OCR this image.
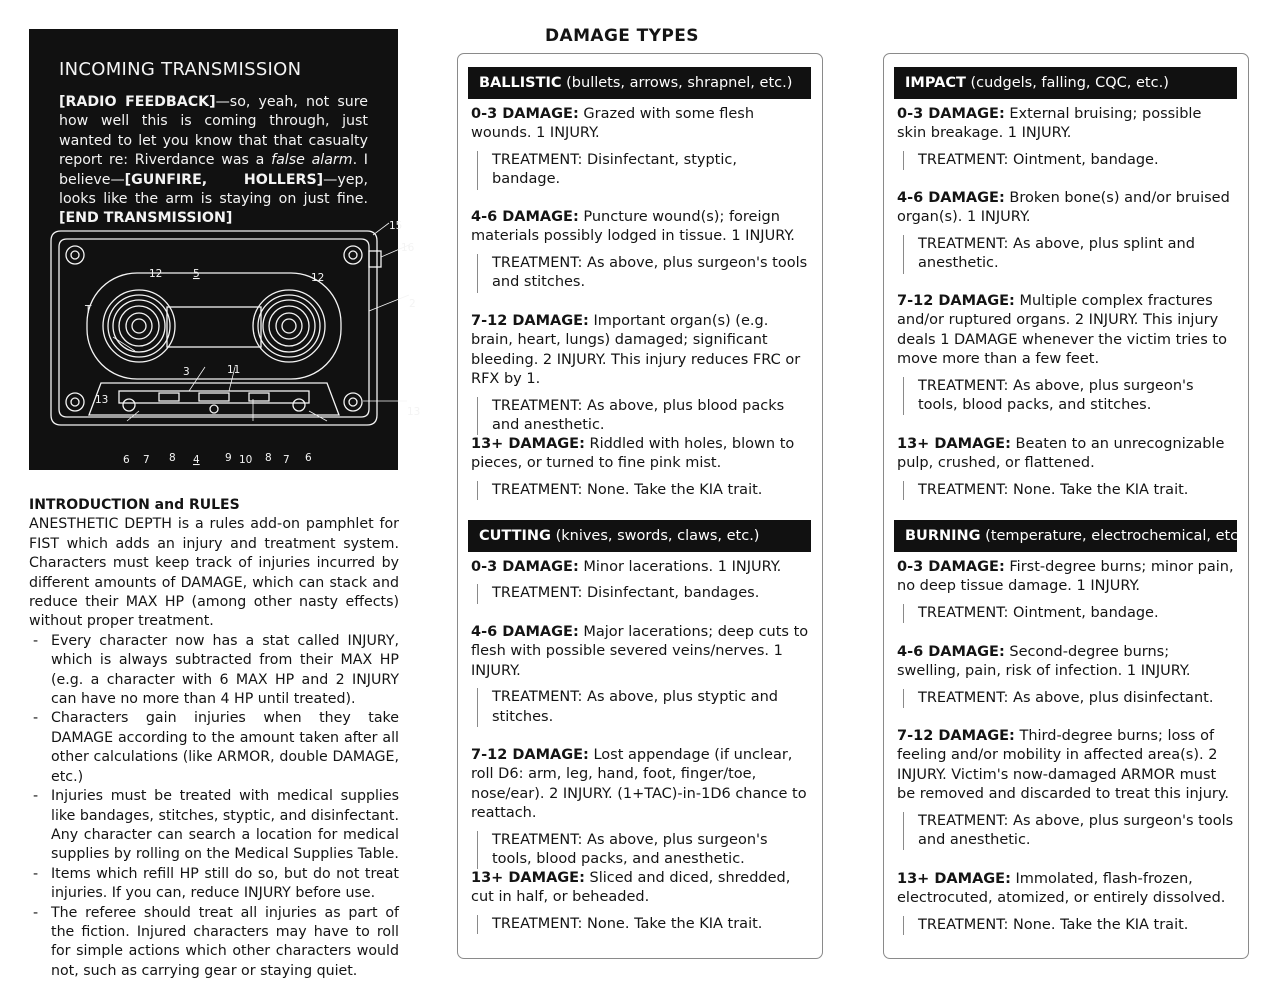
INCOMING TRANSMISSION
[RADIO FEEDBACK]—so, yeah, not sure how well this is coming through, just wanted to let you know that that casualty report re: Riverdance was a false alarm. I believe—[GUNFIRE, HOLLERS]—yep, looks like the arm is staying on just fine. [END TRANSMISSION]	15
16
12	5	12
T	2
3	11
13
13
6 7 8 4 9 10 8 7 6
INTRODUCTION and RULES

ANESTHETIC DEPTH is a rules add-on pamphlet for FIST which adds an injury and treatment system. Characters must keep track of injuries incurred by different amounts of DAMAGE, which can stack and reduce their MAX HP (among other nasty effects) without proper treatment.

- Every character now has a stat called INJURY, which is always subtracted from their MAX HP (e.g. a character with 6 MAX HP and 2 INJURY can have no more than 4 HP until treated).
- Characters gain injuries when they take DAMAGE according to the amount taken after all other calculations (like ARMOR, double DAMAGE, etc.)
- Injuries must be treated with medical supplies like bandages, stitches, styptic, and disinfectant. Any character can search a location for medical supplies by rolling on the Medical Supplies Table.
- Items which refill HP still do so, but do not treat injuries. If you can, reduce INJURY before use.
- The referee should treat all injuries as part of the fiction. Injured characters may have to roll for simple actions which other characters would not, such as carrying gear or staying quiet.
DAMAGE TYPES
BALLISTIC (bullets, arrows, shrapnel, etc.)
0-3 DAMAGE: Grazed with some flesh wounds. 1 INJURY.
TREATMENT: Disinfectant, styptic, bandage.
4-6 DAMAGE: Puncture wound(s); foreign materials possibly lodged in tissue. 1 INJURY.
TREATMENT: As above, plus surgeon's tools and stitches.
7-12 DAMAGE: Important organ(s) (e.g. brain, heart, lungs) damaged; significant bleeding. 2 INJURY. This injury reduces FRC or RFX by 1.
TREATMENT: As above, plus blood packs and anesthetic.
13+ DAMAGE: Riddled with holes, blown to pieces, or turned to fine pink mist.
TREATMENT: None. Take the KIA trait.
CUTTING (knives, swords, claws, etc.)
0-3 DAMAGE: Minor lacerations. 1 INJURY.
TREATMENT: Disinfectant, bandages.
4-6 DAMAGE: Major lacerations; deep cuts to flesh with possible severed veins/nerves. 1 INJURY.
TREATMENT: As above, plus styptic and stitches.
7-12 DAMAGE: Lost appendage (if unclear, roll D6: arm, leg, hand, foot, finger/toe, nose/ear). 2 INJURY. (1+TAC)-in-1D6 chance to reattach.
TREATMENT: As above, plus surgeon's tools, blood packs, and anesthetic.
13+ DAMAGE: Sliced and diced, shredded, cut in half, or beheaded.
TREATMENT: None. Take the KIA trait.
IMPACT (cudgels, falling, CQC, etc.)
0-3 DAMAGE: External bruising; possible skin breakage. 1 INJURY.
TREATMENT: Ointment, bandage.
4-6 DAMAGE: Broken bone(s) and/or bruised organ(s). 1 INJURY.
TREATMENT: As above, plus splint and anesthetic.
7-12 DAMAGE: Multiple complex fractures and/or ruptured organs. 2 INJURY. This injury deals 1 DAMAGE whenever the victim tries to move more than a few feet.
TREATMENT: As above, plus surgeon's tools, blood packs, and stitches.
13+ DAMAGE: Beaten to an unrecognizable pulp, crushed, or flattened.
TREATMENT: None. Take the KIA trait.
BURNING (temperature, electrochemical, etc.)
0-3 DAMAGE: First-degree burns; minor pain, no deep tissue damage. 1 INJURY.
TREATMENT: Ointment, bandage.
4-6 DAMAGE: Second-degree burns; swelling, pain, risk of infection. 1 INJURY.
TREATMENT: As above, plus disinfectant.
7-12 DAMAGE: Third-degree burns; loss of feeling and/or mobility in affected area(s). 2 INJURY. Victim's now-damaged ARMOR must be removed and discarded to treat this injury.
TREATMENT: As above, plus surgeon's tools and anesthetic.
13+ DAMAGE: Immolated, flash-frozen, electrocuted, atomized, or entirely dissolved.
TREATMENT: None. Take the KIA trait.
